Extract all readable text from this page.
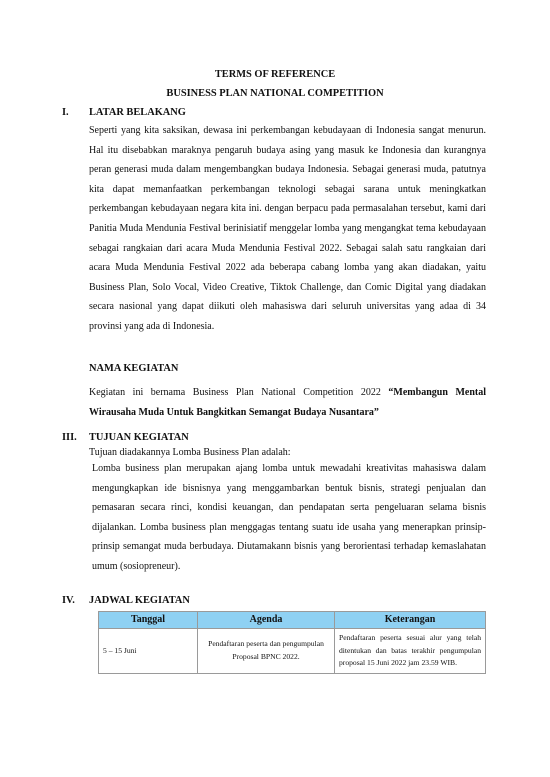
TERMS OF REFERENCE
BUSINESS PLAN NATIONAL COMPETITION
I. LATAR BELAKANG
Seperti yang kita saksikan, dewasa ini perkembangan kebudayaan di Indonesia sangat menurun. Hal itu disebabkan maraknya pengaruh budaya asing yang masuk ke Indonesia dan kurangnya peran generasi muda dalam mengembangkan budaya Indonesia. Sebagai generasi muda, patutnya kita dapat memanfaatkan perkembangan teknologi sebagai sarana untuk meningkatkan perkembangan kebudayaan negara kita ini. dengan berpacu pada permasalahan tersebut, kami dari Panitia Muda Mendunia Festival berinisiatif menggelar lomba yang mengangkat tema kebudayaan sebagai rangkaian dari acara Muda Mendunia Festival 2022. Sebagai salah satu rangkaian dari acara Muda Mendunia Festival 2022 ada beberapa cabang lomba yang akan diadakan, yaitu Business Plan, Solo Vocal, Video Creative, Tiktok Challenge, dan Comic Digital yang diadakan secara nasional yang dapat diikuti oleh mahasiswa dari seluruh universitas yang adaa di 34 provinsi yang ada di Indonesia.
NAMA KEGIATAN
Kegiatan ini bernama Business Plan National Competition 2022 “Membangun Mental Wirausaha Muda Untuk Bangkitkan Semangat Budaya Nusantara”
III. TUJUAN KEGIATAN
Tujuan diadakannya Lomba Business Plan adalah:
Lomba business plan merupakan ajang lomba untuk mewadahi kreativitas mahasiswa dalam mengungkapkan ide bisnisnya yang menggambarkan bentuk bisnis, strategi penjualan dan pemasaran secara rinci, kondisi keuangan, dan pendapatan serta pengeluaran selama bisnis dijalankan. Lomba business plan menggagas tentang suatu ide usaha yang menerapkan prinsip-prinsip semangat muda berbudaya. Diutamakann bisnis yang berorientasi terhadap kemaslahatan umum (sosiopreneur).
IV. JADWAL KEGIATAN
Tanggal	Agenda	Keterangan
5 – 15 Juni	Pendaftaran peserta dan pengumpulan Proposal BPNC 2022.	Pendaftaran peserta sesuai alur yang telah ditentukan dan batas terakhir pengumpulan proposal 15 Juni 2022 jam 23.59 WIB.
